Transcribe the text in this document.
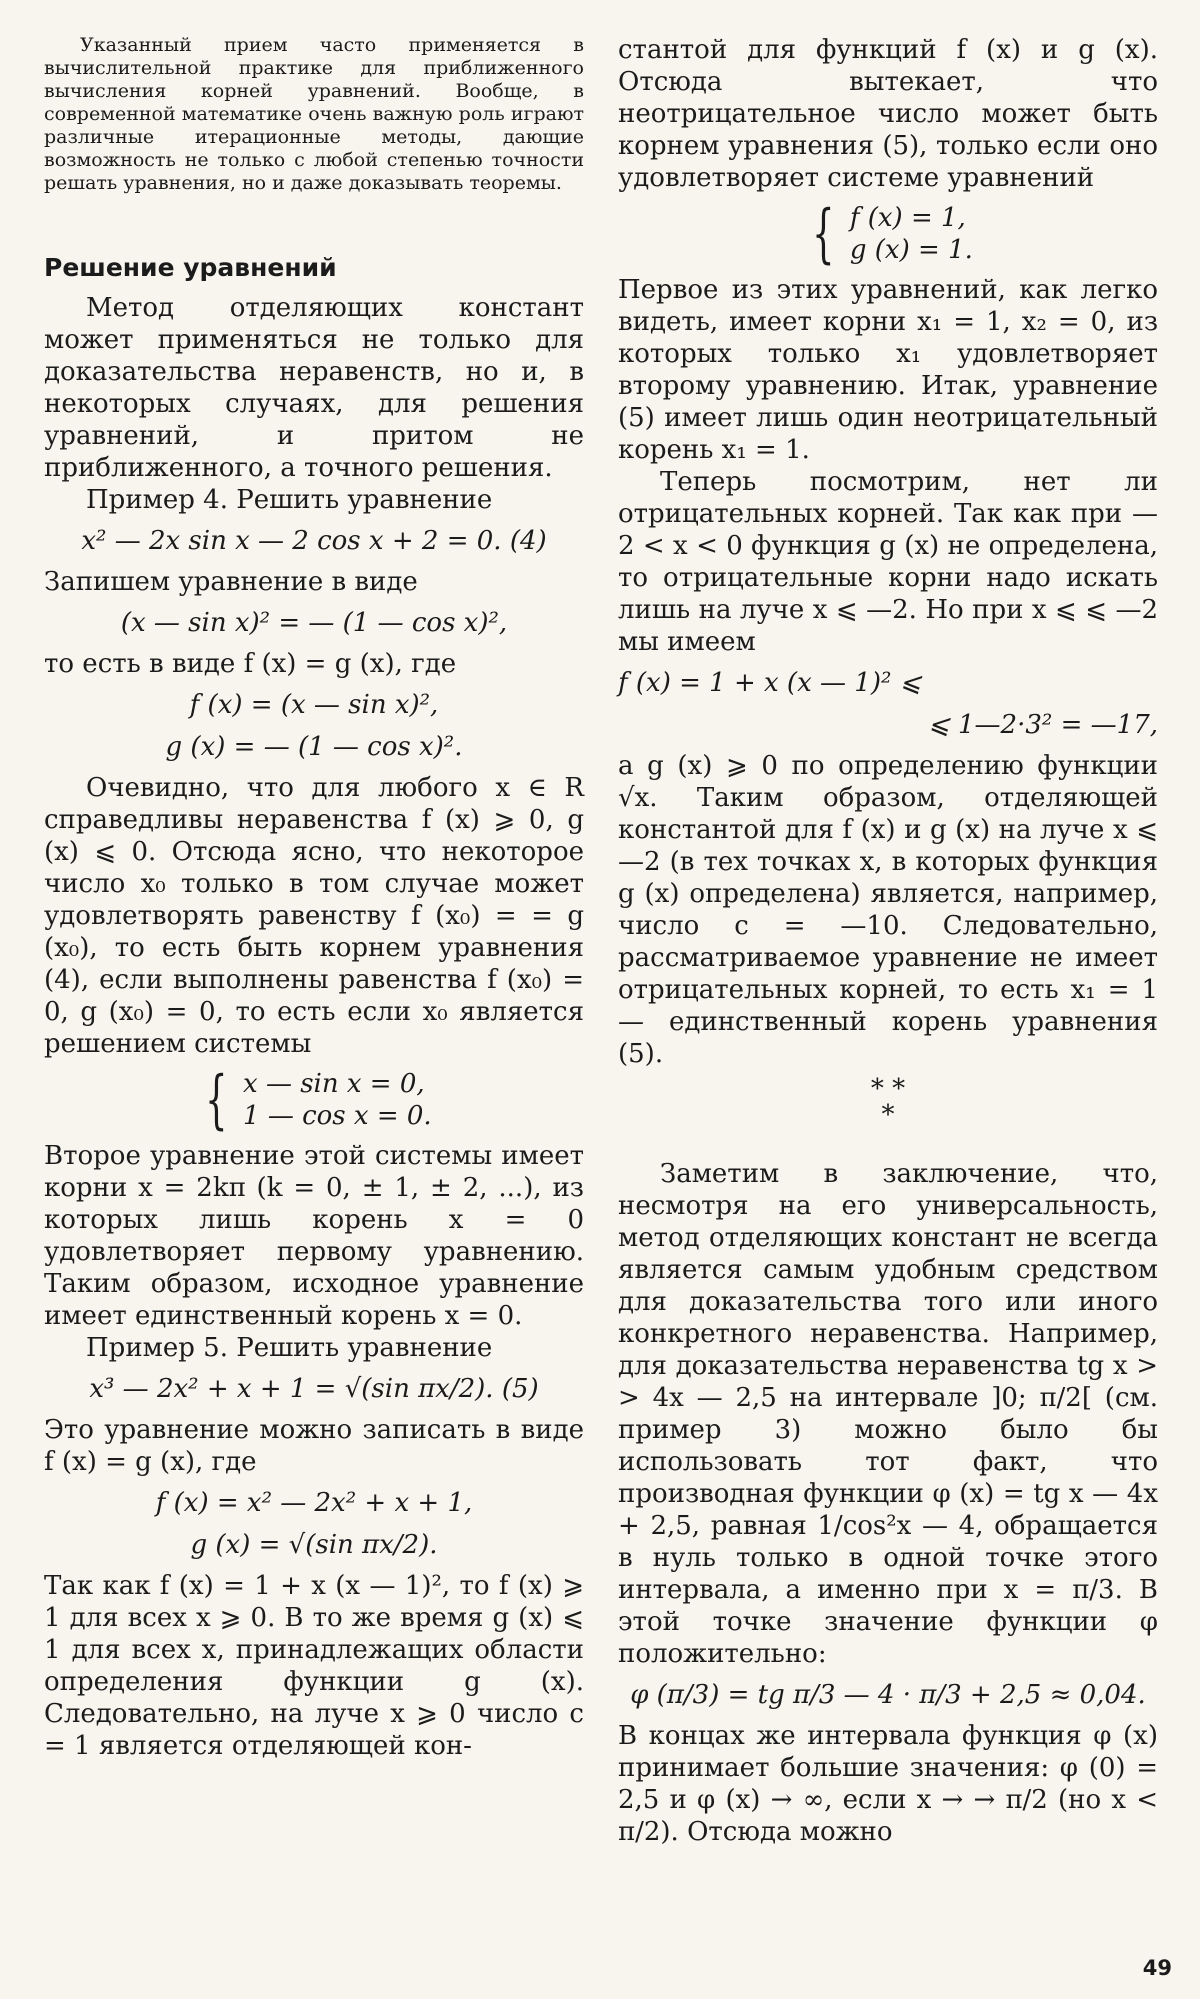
Указанный прием часто применяется в вычислительной практике для приближенного вычисления корней уравнений. Вообще, в современной математике очень важную роль играют различные итерационные методы, дающие возможность не только с любой степенью точности решать уравнения, но и даже доказывать теоремы.

Решение уравнений

Метод отделяющих констант может применяться не только для доказательства неравенств, но и, в некоторых случаях, для решения уравнений, и притом не приближенного, а точного решения.

Пример 4. Решить уравнение

x² — 2x sin x — 2 cos x + 2 = 0. (4)

Запишем уравнение в виде

(x — sin x)² = — (1 — cos x)²,

то есть в виде f (x) = g (x), где

f (x) = (x — sin x)²,
g (x) = — (1 — cos x)².

Очевидно, что для любого x ∈ R справедливы неравенства f (x) ⩾ 0, g (x) ⩽ 0. Отсюда ясно, что некоторое число x₀ только в том случае может удовлетворять равенству f (x₀) = = g (x₀), то есть быть корнем уравнения (4), если выполнены равенства f (x₀) = 0, g (x₀) = 0, то есть если x₀ является решением системы

{ x — sin x = 0,
1 — cos x = 0.

Второе уравнение этой системы имеет корни x = 2kπ (k = 0, ± 1, ± 2, ...), из которых лишь корень x = 0 удовлетворяет первому уравнению. Таким образом, исходное уравнение имеет единственный корень x = 0.

Пример 5. Решить уравнение

x³ — 2x² + x + 1 = √(sin πx/2). (5)

Это уравнение можно записать в виде f (x) = g (x), где

f (x) = x² — 2x² + x + 1,
g (x) = √(sin πx/2).

Так как f (x) = 1 + x (x — 1)², то f (x) ⩾ 1 для всех x ⩾ 0. В то же время g (x) ⩽ 1 для всех x, принадлежащих области определения функции g (x). Следовательно, на луче x ⩾ 0 число c = 1 является отделяющей кон-

стантой для функций f (x) и g (x). Отсюда вытекает, что неотрицательное число может быть корнем уравнения (5), только если оно удовлетворяет системе уравнений

{ f (x) = 1,
g (x) = 1.

Первое из этих уравнений, как легко видеть, имеет корни x₁ = 1, x₂ = 0, из которых только x₁ удовлетворяет второму уравнению. Итак, уравнение (5) имеет лишь один неотрицательный корень x₁ = 1.

Теперь посмотрим, нет ли отрицательных корней. Так как при —2 < x < 0 функция g (x) не определена, то отрицательные корни надо искать лишь на луче x ⩽ —2. Но при x ⩽ ⩽ —2 мы имеем

f (x) = 1 + x (x — 1)² ⩽
⩽ 1—2·3² = —17,

а g (x) ⩾ 0 по определению функции √x. Таким образом, отделяющей константой для f (x) и g (x) на луче x ⩽ —2 (в тех точках x, в которых функция g (x) определена) является, например, число c = —10. Следовательно, рассматриваемое уравнение не имеет отрицательных корней, то есть x₁ = 1 — единственный корень уравнения (5).

* *
*

Заметим в заключение, что, несмотря на его универсальность, метод отделяющих констант не всегда является самым удобным средством для доказательства того или иного конкретного неравенства. Например, для доказательства неравенства tg x > > 4x — 2,5 на интервале ]0; π/2[ (см. пример 3) можно было бы использовать тот факт, что производная функции φ (x) = tg x — 4x + 2,5, равная 1/cos²x — 4, обращается в нуль только в одной точке этого интервала, а именно при x = π/3. В этой точке значение функции φ положительно:

φ (π/3) = tg π/3 — 4 · π/3 + 2,5 ≈ 0,04.

В концах же интервала функция φ (x) принимает большие значения: φ (0) = 2,5 и φ (x) → ∞, если x → → π/2 (но x < π/2). Отсюда можно

49
